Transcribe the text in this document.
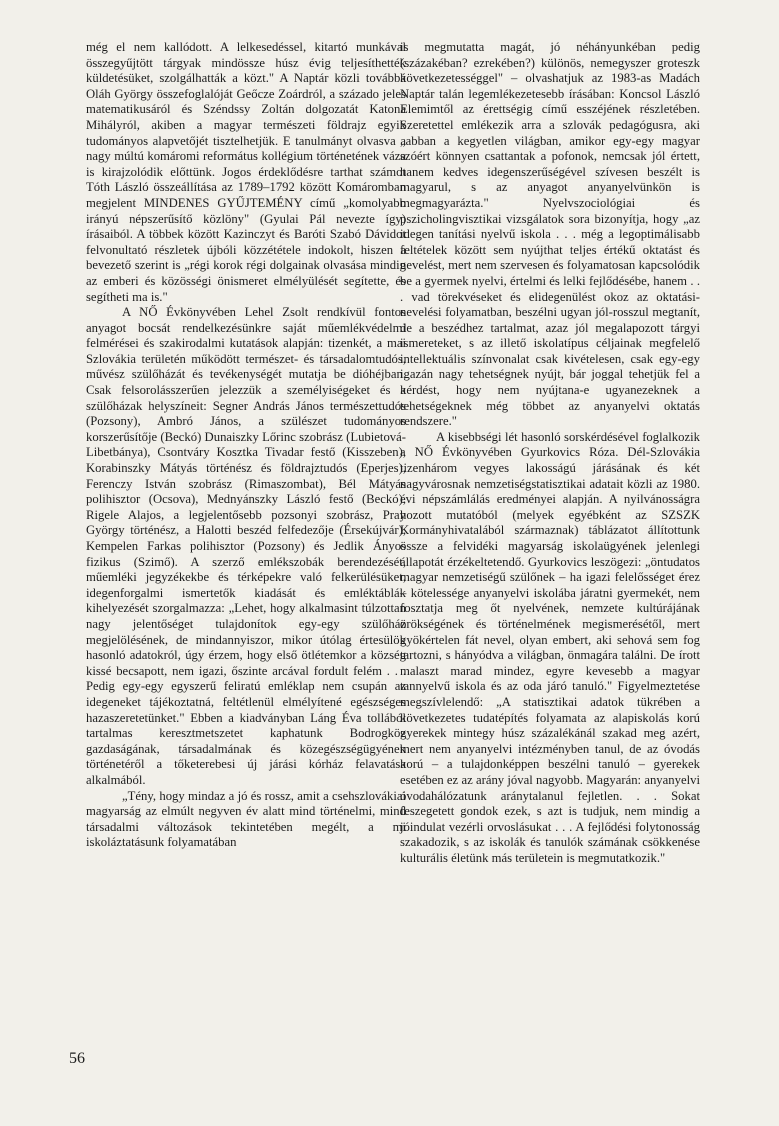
még el nem kallódott. A lelkesedéssel, kitartó munkával összegyűjtött tárgyak mindössze húsz évig teljesíthették küldetésüket, szolgálhatták a közt." A Naptár közli továbbá Oláh György összefoglalóját Geőcze Zoárdról, a százado jeles matematikusáról és Széndssy Zoltán dolgozatát Katona Mihályról, akiben a magyar természeti földrajz egyik tudományos alapvetőjét tisztelhetjük. E tanulmányt olvasva a nagy múltú komáromi református kollégium történetének váza is kirajzolódik előttünk. Jogos érdeklődésre tarthat számot Tóth László összeállítása az 1789–1792 között Komáromban megjelent MINDENES GYŰJTEMÉNY című „komolyabb irányú népszerűsítő közlöny" (Gyulai Pál nevezte így) írásaiból. A többek között Kazinczyt és Baróti Szabó Dávidot felvonultató részletek újbóli közzététele indokolt, hiszen a bevezető szerint is „régi korok régi dolgainak olvasása mindig az emberi és közösségi önismeret elmélyülését segítette, és segítheti ma is."

A NŐ Évkönyvében Lehel Zsolt rendkívül fontos anyagot bocsát rendelkezésünkre saját műemlékvédelmi felmérései és szakirodalmi kutatások alapján: tizenkét, a mai Szlovákia területén működött természet- és társadalomtudós, művész szülőházát és tevékenységét mutatja be dióhéjban. Csak felsorolásszerűen jelezzük a személyiségeket és a szülőházak helyszíneit: Segner András János természettudós (Pozsony), Ambró János, a szülészet tudományos korszerűsítője (Beckó) Dunaiszky Lőrinc szobrász (Lubietová-Libetbánya), Csontváry Kosztka Tivadar festő (Kisszeben), Korabinszky Mátyás történész és földrajztudós (Eperjes), Ferenczy István szobrász (Rimaszombat), Bél Mátyás polihisztor (Ocsova), Mednyánszky László festő (Beckó), Rigele Alajos, a legjelentősebb pozsonyi szobrász, Pray György történész, a Halotti beszéd felfedezője (Érsekújvár), Kempelen Farkas polihisztor (Pozsony) és Jedlik Ányos fizikus (Szimő). A szerző emlékszobák berendezését, műemléki jegyzékekbe és térképekre való felkerülésüket, idegenforgalmi ismertetők kiadását és emléktáblák kihelyezését szorgalmazza: „Lehet, hogy alkalmasint túlzottan nagy jelentőséget tulajdonítok egy-egy szülőház megjelölésének, de mindannyiszor, mikor útólag értesülök hasonló adatokról, úgy érzem, hogy első ötlétemkor a község kissé becsapott, nem igazi, őszinte arcával fordult felém . . . Pedig egy-egy egyszerű feliratú emléklap nem csupán az idegeneket tájékoztatná, feltétlenül elmélyítené egészséges hazaszeretetünket." Ebben a kiadványban Láng Éva tollából tartalmas keresztmetszetet kaphatunk Bodrogköz gazdaságának, társadalmának és közegészségügyének történetéről a tőketerebesi új járási kórház felavatása alkalmából.

„Tény, hogy mindaz a jó és rossz, amit a csehszlovákiai magyarság az elmúlt negyven év alatt mind történelmi, mind társadalmi változások tekintetében megélt, a mi iskoláztatásunk folyamatában

is megmutatta magát, jó néhányunkéban pedig (százakéban? ezrekében?) különös, nemegyszer groteszk következetességgel" – olvashatjuk az 1983-as Madách Naptár talán legemlékezetesebb írásában: Koncsol László Elemimtől az érettségig című esszéjének részletében. Szeretettel emlékezik arra a szlovák pedagógusra, aki „abban a kegyetlen világban, amikor egy-egy magyar szóért könnyen csattantak a pofonok, nemcsak jól értett, hanem kedves idegenszerűségével szívesen beszélt is magyarul, s az anyagot anyanyelvünkön is megmagyarázta." Nyelvszociológiai és pszicholingvisztikai vizsgálatok sora bizonyítja, hogy „az idegen tanítási nyelvű iskola . . . még a legoptimálisabb feltételek között sem nyújthat teljes értékű oktatást és nevelést, mert nem szervesen és folyamatosan kapcsolódik be a gyermek nyelvi, értelmi és lelki fejlődésébe, hanem . . . vad törekvéseket és elidegenülést okoz az oktatási-nevelési folyamatban, beszélni ugyan jól-rosszul megtanít, de a beszédhez tartalmat, azaz jól megalapozott tárgyi ismereteket, s az illető iskolatípus céljainak megfelelő intellektuális színvonalat csak kivételesen, csak egy-egy igazán nagy tehetségnek nyújt, bár joggal tehetjük fel a kérdést, hogy nem nyújtana-e ugyanezeknek a tehetségeknek még többet az anyanyelvi oktatás rendszere."

A kisebbségi lét hasonló sorskérdésével foglalkozik a NŐ Évkönyvében Gyurkovics Róza. Dél-Szlovákia tizenhárom vegyes lakosságú járásának és két nagyvárosnak nemzetiségstatisztikai adatait közli az 1980. évi népszámlálás eredményei alapján. A nyilvánosságra hozott mutatóból (melyek egyébként az SZSZK Kormányhivatalából származnak) táblázatot állítottunk össze a felvidéki magyarság iskolaügyének jelenlegi állapotát érzékeltetendő. Gyurkovics leszögezi: „öntudatos magyar nemzetiségű szülőnek – ha igazi felelősséget érez – kötelessége anyanyelvi iskolába járatni gyermekét, nem fosztatja meg őt nyelvének, nemzete kultúrájának örökségének és történelmének megismerésétől, mert gyökértelen fát nevel, olyan embert, aki sehová sem fog tartozni, s hányódva a világban, önmagára találni. De írott malaszt marad mindez, egyre kevesebb a magyar tannyelvű iskola és az oda járó tanuló." Figyelmeztetése megszívlelendő: „A statisztikai adatok tükrében a következetes tudatépítés folyamata az alapiskolás korú gyerekek mintegy húsz százalékánál szakad meg azért, mert nem anyanyelvi intézményben tanul, de az óvodás korú – a tulajdonképpen beszélni tanuló – gyerekek esetében ez az arány jóval nagyobb. Magyarán: anyanyelvi óvodahálózatunk aránytalanul fejletlen. . . Sokat feszegetett gondok ezek, s azt is tudjuk, nem mindig a jóindulat vezérli orvoslásukat . . . A fejlődési folytonosság szakadozik, s az iskolák és tanulók számának csökkenése kulturális életünk más területein is megmutatkozik."

56
